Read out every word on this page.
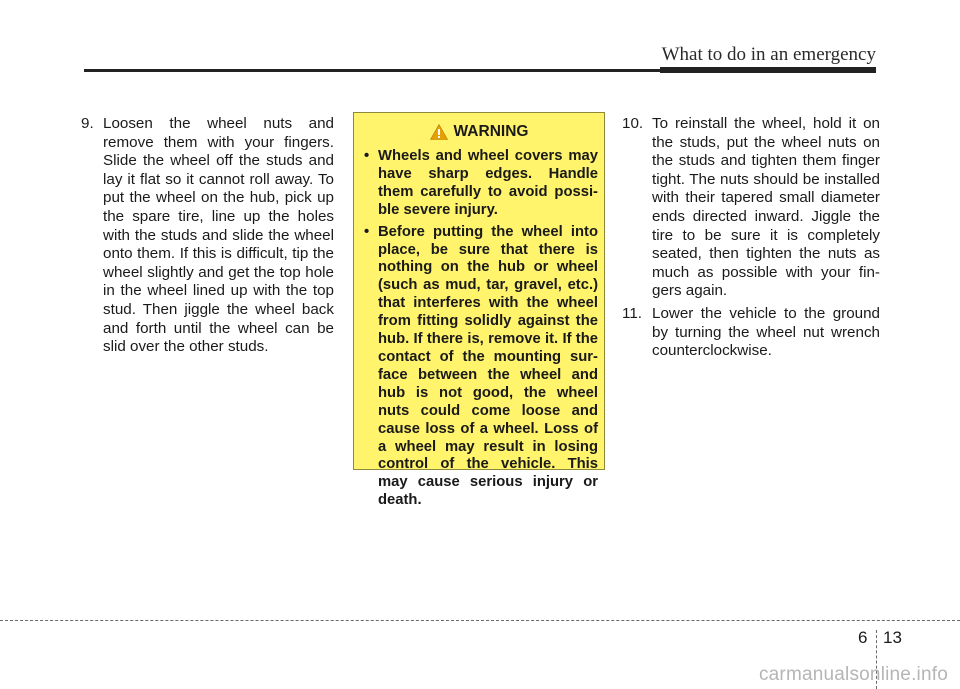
What to do in an emergency
9. Loosen the wheel nuts and remove them with your fingers. Slide the wheel off the studs and lay it flat so it cannot roll away. To put the wheel on the hub, pick up the spare tire, line up the holes with the studs and slide the wheel onto them. If this is difficult, tip the wheel slightly and get the top hole in the wheel lined up with the top stud. Then jiggle the wheel back and forth until the wheel can be slid over the other studs.
WARNING
• Wheels and wheel covers may have sharp edges. Handle them carefully to avoid possi-ble severe injury.
• Before putting the wheel into place, be sure that there is nothing on the hub or wheel (such as mud, tar, gravel, etc.) that interferes with the wheel from fitting solidly against the hub. If there is, remove it. If the contact of the mounting sur-face between the wheel and hub is not good, the wheel nuts could come loose and cause loss of a wheel. Loss of a wheel may result in losing control of the vehicle. This may cause serious injury or death.
10. To reinstall the wheel, hold it on the studs, put the wheel nuts on the studs and tighten them finger tight. The nuts should be installed with their tapered small diameter ends directed inward. Jiggle the tire to be sure it is completely seated, then tighten the nuts as much as possible with your fin-gers again.
11. Lower the vehicle to the ground by turning the wheel nut wrench counterclockwise.
6 13
carmanualsonline.info
